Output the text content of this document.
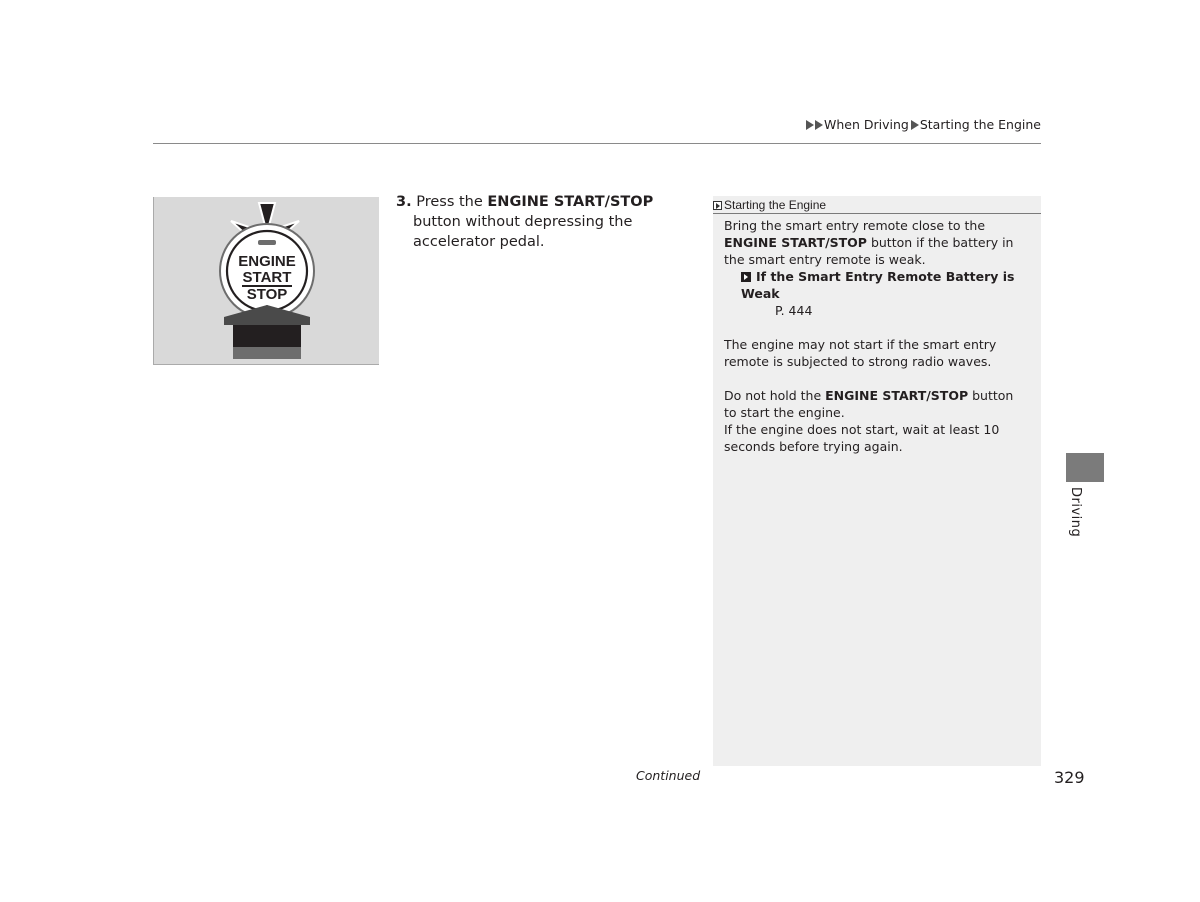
When Driving Starting the Engine
ENGINE
START
STOP
3. Press the ENGINE START/STOP button without depressing the accelerator pedal.
Starting the Engine

Bring the smart entry remote close to the ENGINE START/STOP button if the battery in the smart entry remote is weak.

If the Smart Entry Remote Battery is Weak
P. 444

The engine may not start if the smart entry remote is subjected to strong radio waves.

Do not hold the ENGINE START/STOP button to start the engine.

If the engine does not start, wait at least 10 seconds before trying again.

Driving
Continued	329
